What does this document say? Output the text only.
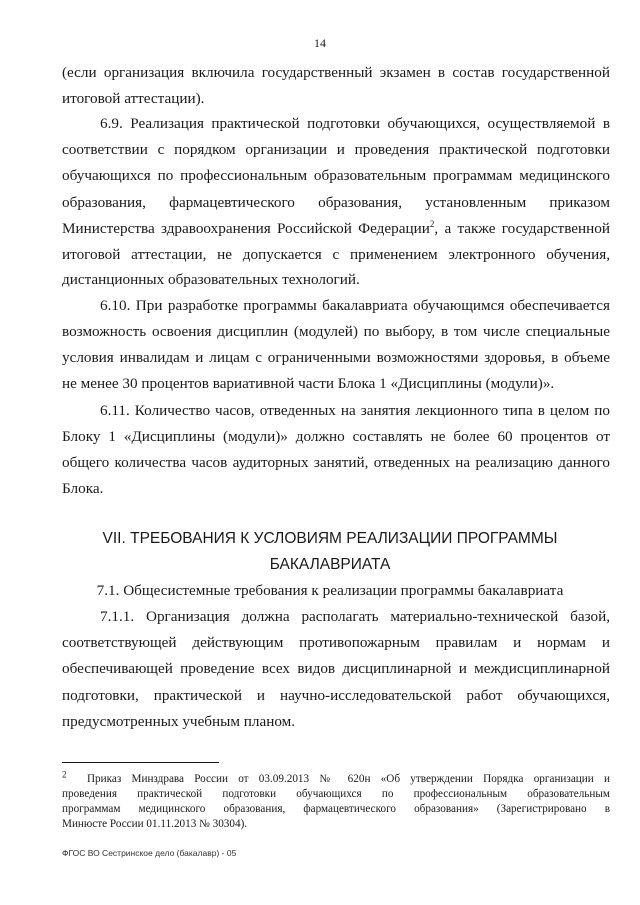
14
(если организация включила государственный экзамен в состав государственной
итоговой аттестации).
6.9. Реализация практической подготовки обучающихся, осуществляемой в
соответствии с порядком организации и проведения практической подготовки
обучающихся по профессиональным образовательным программам медицинского
образования, фармацевтического образования, установленным приказом
Министерства здравоохранения Российской Федерации$^2$, а также государственной
итоговой аттестации, не допускается с применением электронного обучения,
дистанционных образовательных технологий.
6.10. При разработке программы бакалавриата обучающимся обеспечивается
возможность освоения дисциплин (модулей) по выбору, в том числе специальные
условия инвалидам и лицам с ограниченными возможностями здоровья, в объеме
не менее 30 процентов вариативной части Блока 1 «Дисциплины (модули)».
6.11. Количество часов, отведенных на занятия лекционного типа в целом по
Блоку 1 «Дисциплины (модули)» должно составлять не более 60 процентов от
общего количества часов аудиторных занятий, отведенных на реализацию данного
Блока.
VII. ТРЕБОВАНИЯ К УСЛОВИЯМ РЕАЛИЗАЦИИ ПРОГРАММЫ
БАКАЛАВРИАТА
7.1. Общесистемные требования к реализации программы бакалавриата
7.1.1. Организация должна располагать материально-технической базой,
соответствующей действующим противопожарным правилам и нормам и
обеспечивающей проведение всех видов дисциплинарной и междисциплинарной
подготовки, практической и научно-исследовательской работ обучающихся,
предусмотренных учебным планом.
$^2$ Приказ Минздрава России от 03.09.2013 № 620н «Об утверждении Порядка организации и
проведения практической подготовки обучающихся по профессиональным образовательным
программам медицинского образования, фармацевтического образования» (Зарегистрировано в
Минюсте России 01.11.2013 № 30304).
ФГОС ВО Сестринское дело (бакалавр) - 05
